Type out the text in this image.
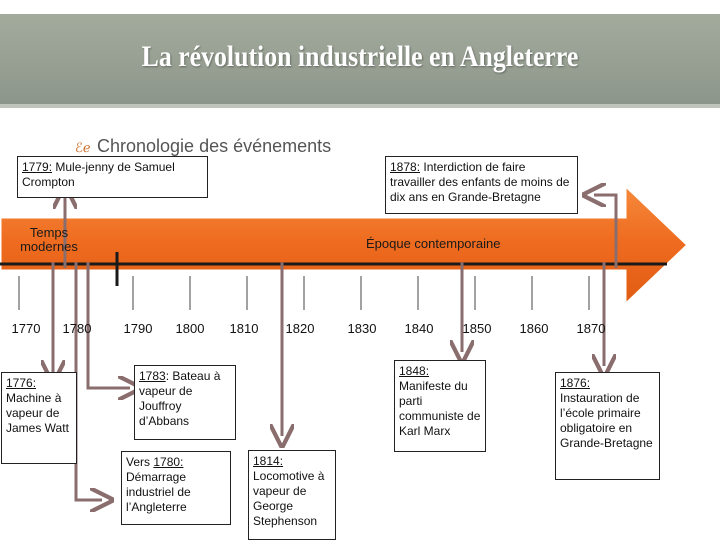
La révolution industrielle en Angleterre
ℰℯ Chronologie des événements
Temps modernes	Époque contemporaine
1770	1780	1790	1800	1810	1820	1830	1840	1850	1860	1870
1779: Mule-jenny de Samuel Crompton
1878: Interdiction de faire travailler des enfants de moins de dix ans en Grande-Bretagne
1776: Machine à vapeur de James Watt
1783: Bateau à vapeur de Jouffroy d’Abbans
Vers 1780: Démarrage industriel de l’Angleterre
1814: Locomotive à vapeur de George Stephenson
1848: Manifeste du parti communiste de Karl Marx
1876: Instauration de l’école primaire obligatoire en Grande-Bretagne
